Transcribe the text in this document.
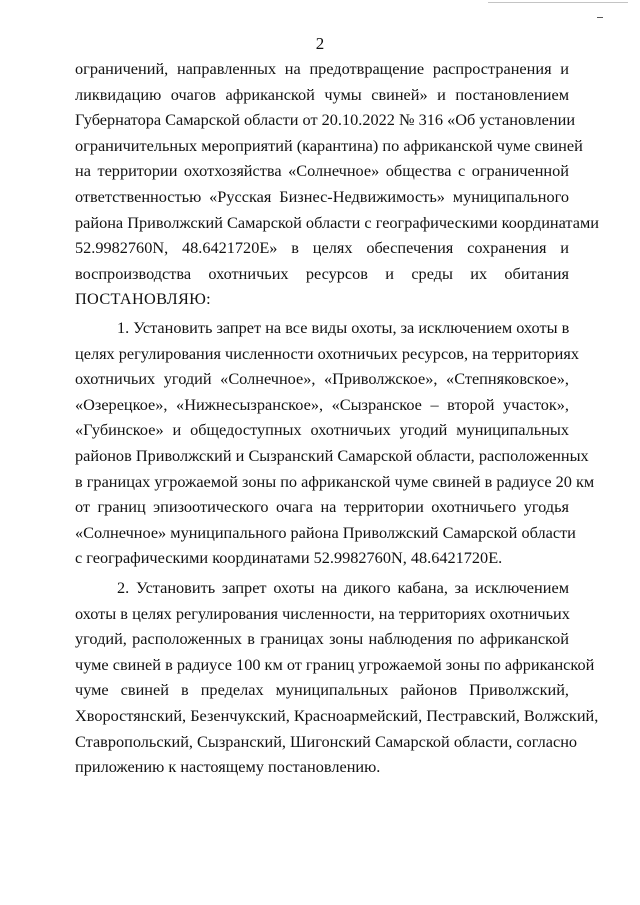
2
ограничений, направленных на предотвращение распространения и
ликвидацию очагов африканской чумы свиней» и постановлением
Губернатора Самарской области от 20.10.2022 № 316 «Об установлении
ограничительных мероприятий (карантина) по африканской чуме свиней
на территории охотхозяйства «Солнечное» общества с ограниченной
ответственностью «Русская Бизнес-Недвижимость» муниципального
района Приволжский Самарской области с географическими координатами
52.9982760N, 48.6421720E» в целях обеспечения сохранения и
воспроизводства охотничьих ресурсов и среды их обитания
ПОСТАНОВЛЯЮ:
1. Установить запрет на все виды охоты, за исключением охоты в
целях регулирования численности охотничьих ресурсов, на территориях
охотничьих угодий «Солнечное», «Приволжское», «Степняковское»,
«Озерецкое», «Нижнесызранское», «Сызранское – второй участок»,
«Губинское» и общедоступных охотничьих угодий муниципальных
районов Приволжский и Сызранский Самарской области, расположенных
в границах угрожаемой зоны по африканской чуме свиней в радиусе 20 км
от границ эпизоотического очага на территории охотничьего угодья
«Солнечное» муниципального района Приволжский Самарской области
с географическими координатами 52.9982760N, 48.6421720E.
2. Установить запрет охоты на дикого кабана, за исключением
охоты в целях регулирования численности, на территориях охотничьих
угодий, расположенных в границах зоны наблюдения по африканской
чуме свиней в радиусе 100 км от границ угрожаемой зоны по африканской
чуме свиней в пределах муниципальных районов Приволжский,
Хворостянский, Безенчукский, Красноармейский, Пестравский, Волжский,
Ставропольский, Сызранский, Шигонский Самарской области, согласно
приложению к настоящему постановлению.
